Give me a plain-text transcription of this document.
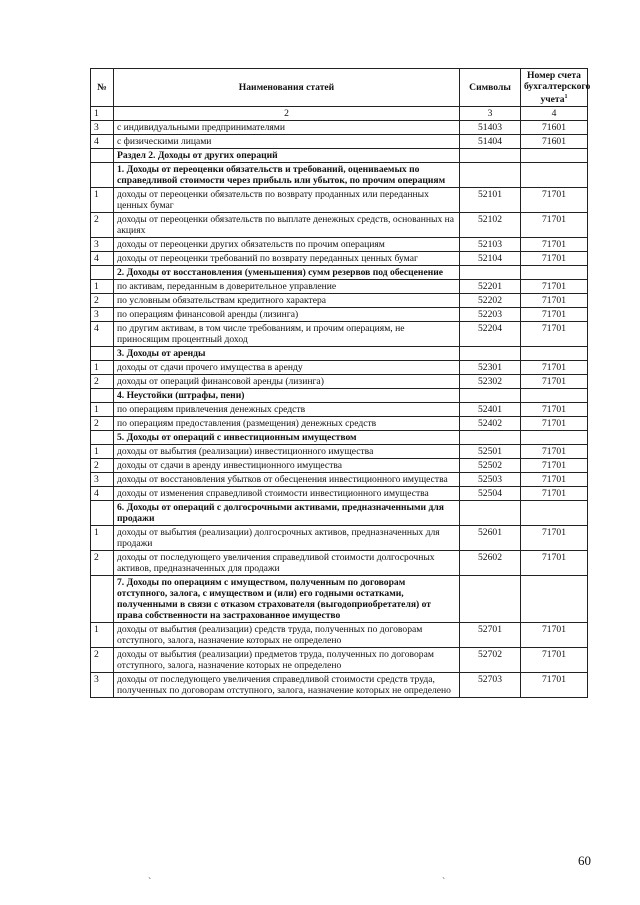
№	Наименования статей	Символы	Номер счета бухгалтерского учета$^1$
1	2	3	4
3	с индивидуальными предпринимателями	51403	71601
4	с физическими лицами	51404	71601
	Раздел 2. Доходы от других операций		
	1. Доходы от переоценки обязательств и требований, оцениваемых по справедливой стоимости через прибыль или убыток, по прочим операциям		
1	доходы от переоценки обязательств по возврату проданных или переданных ценных бумаг	52101	71701
2	доходы от переоценки обязательств по выплате денежных средств, основанных на акциях	52102	71701
3	доходы от переоценки других обязательств по прочим операциям	52103	71701
4	доходы от переоценки требований по возврату переданных ценных бумаг	52104	71701
	2. Доходы от восстановления (уменьшения) сумм резервов под обесценение		
1	по активам, переданным в доверительное управление	52201	71701
2	по условным обязательствам кредитного характера	52202	71701
3	по операциям финансовой аренды (лизинга)	52203	71701
4	по другим активам, в том числе требованиям, и прочим операциям, не приносящим процентный доход	52204	71701
	3. Доходы от аренды		
1	доходы от сдачи прочего имущества в аренду	52301	71701
2	доходы от операций финансовой аренды (лизинга)	52302	71701
	4. Неустойки (штрафы, пени)		
1	по операциям привлечения денежных средств	52401	71701
2	по операциям предоставления (размещения) денежных средств	52402	71701
	5. Доходы от операций с инвестиционным имуществом		
1	доходы от выбытия (реализации) инвестиционного имущества	52501	71701
2	доходы от сдачи в аренду инвестиционного имущества	52502	71701
3	доходы от восстановления убытков от обесценения инвестиционного имущества	52503	71701
4	доходы от изменения справедливой стоимости инвестиционного имущества	52504	71701
	6. Доходы от операций с долгосрочными активами, предназначенными для продажи		
1	доходы от выбытия (реализации) долгосрочных активов, предназначенных для продажи	52601	71701
2	доходы от последующего увеличения справедливой стоимости долгосрочных активов, предназначенных для продажи	52602	71701
	7. Доходы по операциям с имуществом, полученным по договорам отступного, залога, с имуществом и (или) его годными остатками, полученными в связи с отказом страхователя (выгодоприобретателя) от права собственности на застрахованное имущество		
1	доходы от выбытия (реализации) средств труда, полученных по договорам отступного, залога, назначение которых не определено	52701	71701
2	доходы от выбытия (реализации) предметов труда, полученных по договорам отступного, залога, назначение которых не определено	52702	71701
3	доходы от последующего увеличения справедливой стоимости средств труда, полученных по договорам отступного, залога, назначение которых не определено	52703	71701
60
`	`
